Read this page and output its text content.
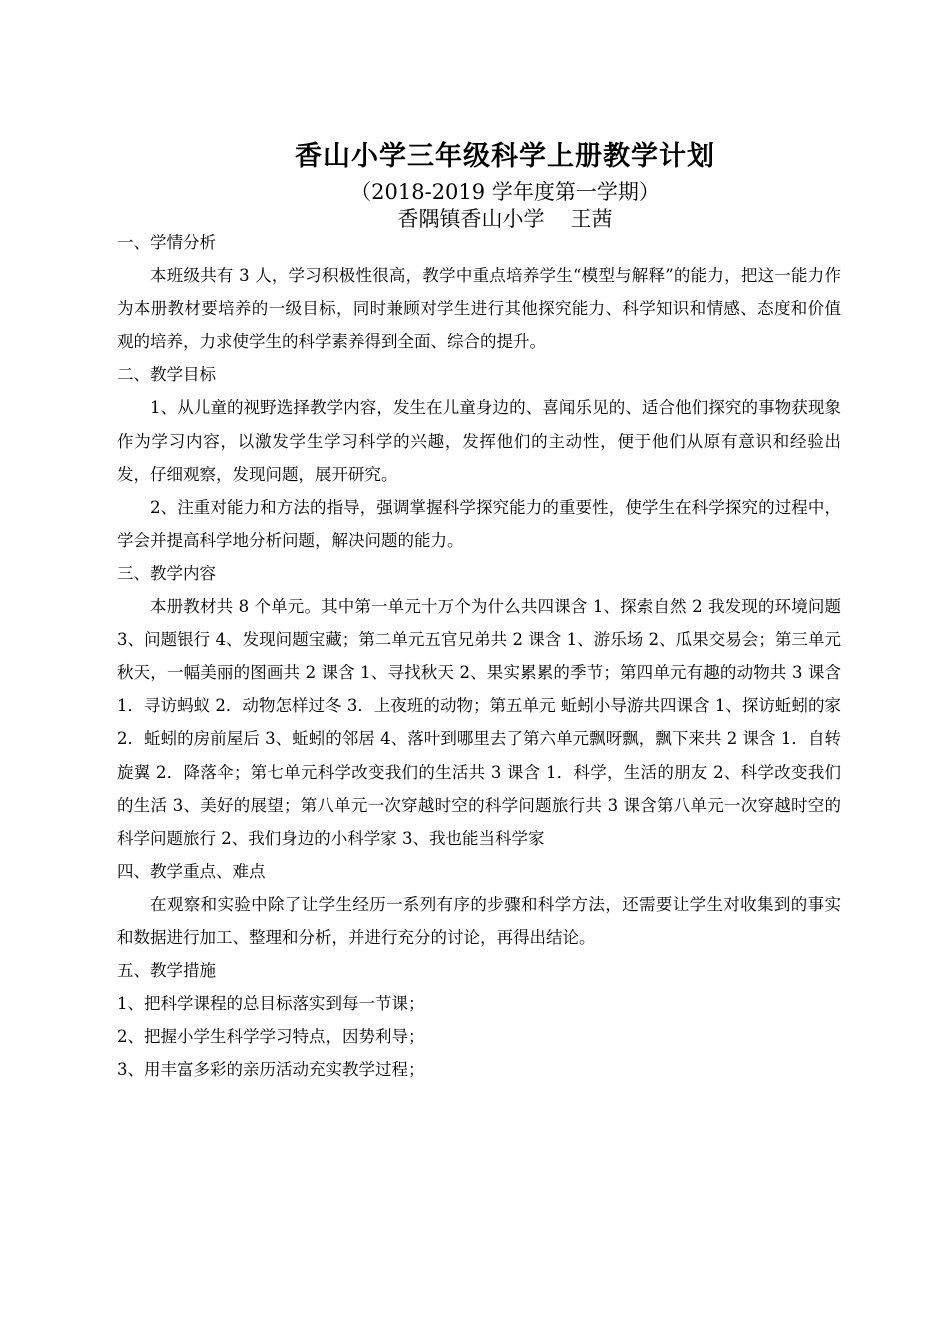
香山小学三年级科学上册教学计划
（2018-2019 学年度第一学期）
香隅镇香山小学 王茜

一、学情分析

本班级共有 3 人，学习积极性很高，教学中重点培养学生“模型与解释”的能力，把这一能力作为本册教材要培养的一级目标，同时兼顾对学生进行其他探究能力、科学知识和情感、态度和价值观的培养，力求使学生的科学素养得到全面、综合的提升。

二、教学目标

1、从儿童的视野选择教学内容，发生在儿童身边的、喜闻乐见的、适合他们探究的事物获现象作为学习内容，以激发学生学习科学的兴趣，发挥他们的主动性，便于他们从原有意识和经验出发，仔细观察，发现问题，展开研究。

2、注重对能力和方法的指导，强调掌握科学探究能力的重要性，使学生在科学探究的过程中，学会并提高科学地分析问题，解决问题的能力。

三、教学内容

本册教材共 8 个单元。其中第一单元十万个为什么共四课含 1、探索自然 2 我发现的环境问题 3、问题银行 4、发现问题宝藏；第二单元五官兄弟共 2 课含 1、游乐场 2、瓜果交易会；第三单元秋天，一幅美丽的图画共 2 课含 1、寻找秋天 2、果实累累的季节；第四单元有趣的动物共 3 课含 1．寻访蚂蚁 2．动物怎样过冬 3．上夜班的动物；第五单元 蚯蚓小导游共四课含 1、探访蚯蚓的家 2．蚯蚓的房前屋后 3、蚯蚓的邻居 4、落叶到哪里去了第六单元飘呀飘，飘下来共 2 课含 1．自转旋翼 2．降落伞；第七单元科学改变我们的生活共 3 课含 1．科学，生活的朋友 2、科学改变我们的生活 3、美好的展望；第八单元一次穿越时空的科学问题旅行共 3 课含第八单元一次穿越时空的科学问题旅行 2、我们身边的小科学家 3、我也能当科学家

四、教学重点、难点

在观察和实验中除了让学生经历一系列有序的步骤和科学方法，还需要让学生对收集到的事实和数据进行加工、整理和分析，并进行充分的讨论，再得出结论。

五、教学措施

1、把科学课程的总目标落实到每一节课；

2、把握小学生科学学习特点，因势利导；

3、用丰富多彩的亲历活动充实教学过程；
